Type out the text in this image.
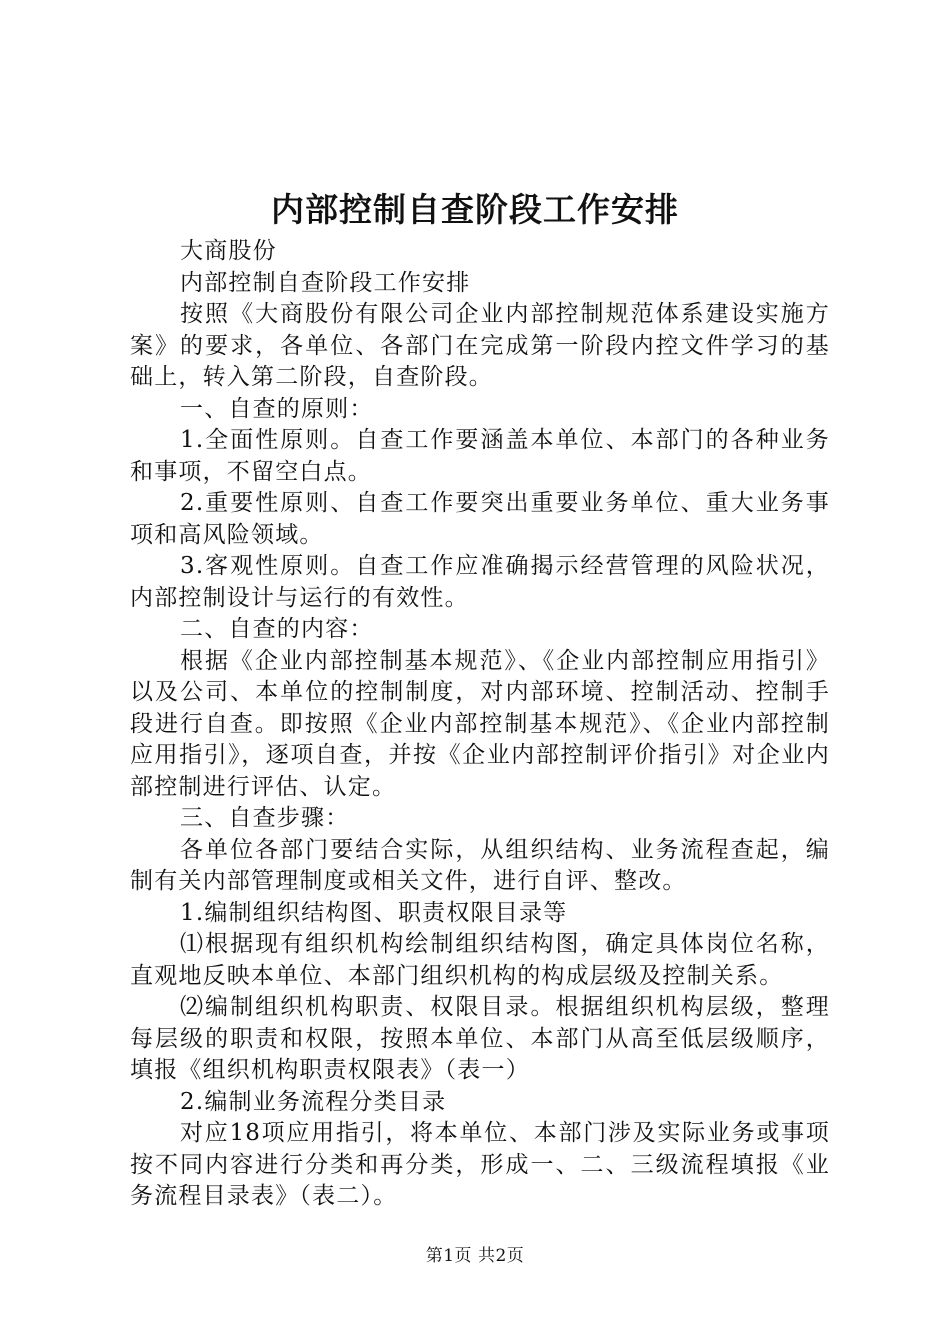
内部控制自查阶段工作安排

大商股份

内部控制自查阶段工作安排

按照《大商股份有限公司企业内部控制规范体系建设实施方案》的要求，各单位、各部门在完成第一阶段内控文件学习的基础上，转入第二阶段，自查阶段。

一、自查的原则：

1.全面性原则。自查工作要涵盖本单位、本部门的各种业务和事项，不留空白点。

2.重要性原则、自查工作要突出重要业务单位、重大业务事项和高风险领域。

3.客观性原则。自查工作应准确揭示经营管理的风险状况，内部控制设计与运行的有效性。

二、自查的内容：

根据《企业内部控制基本规范》、《企业内部控制应用指引》以及公司、本单位的控制制度，对内部环境、控制活动、控制手段进行自查。即按照《企业内部控制基本规范》、《企业内部控制应用指引》，逐项自查，并按《企业内部控制评价指引》对企业内部控制进行评估、认定。

三、自查步骤：

各单位各部门要结合实际，从组织结构、业务流程查起，编制有关内部管理制度或相关文件，进行自评、整改。

1.编制组织结构图、职责权限目录等

⑴根据现有组织机构绘制组织结构图，确定具体岗位名称，直观地反映本单位、本部门组织机构的构成层级及控制关系。

⑵编制组织机构职责、权限目录。根据组织机构层级，整理每层级的职责和权限，按照本单位、本部门从高至低层级顺序，填报《组织机构职责权限表》（表一）

2.编制业务流程分类目录

对应18项应用指引，将本单位、本部门涉及实际业务或事项按不同内容进行分类和再分类，形成一、二、三级流程填报《业务流程目录表》（表二）。

第1页 共2页
